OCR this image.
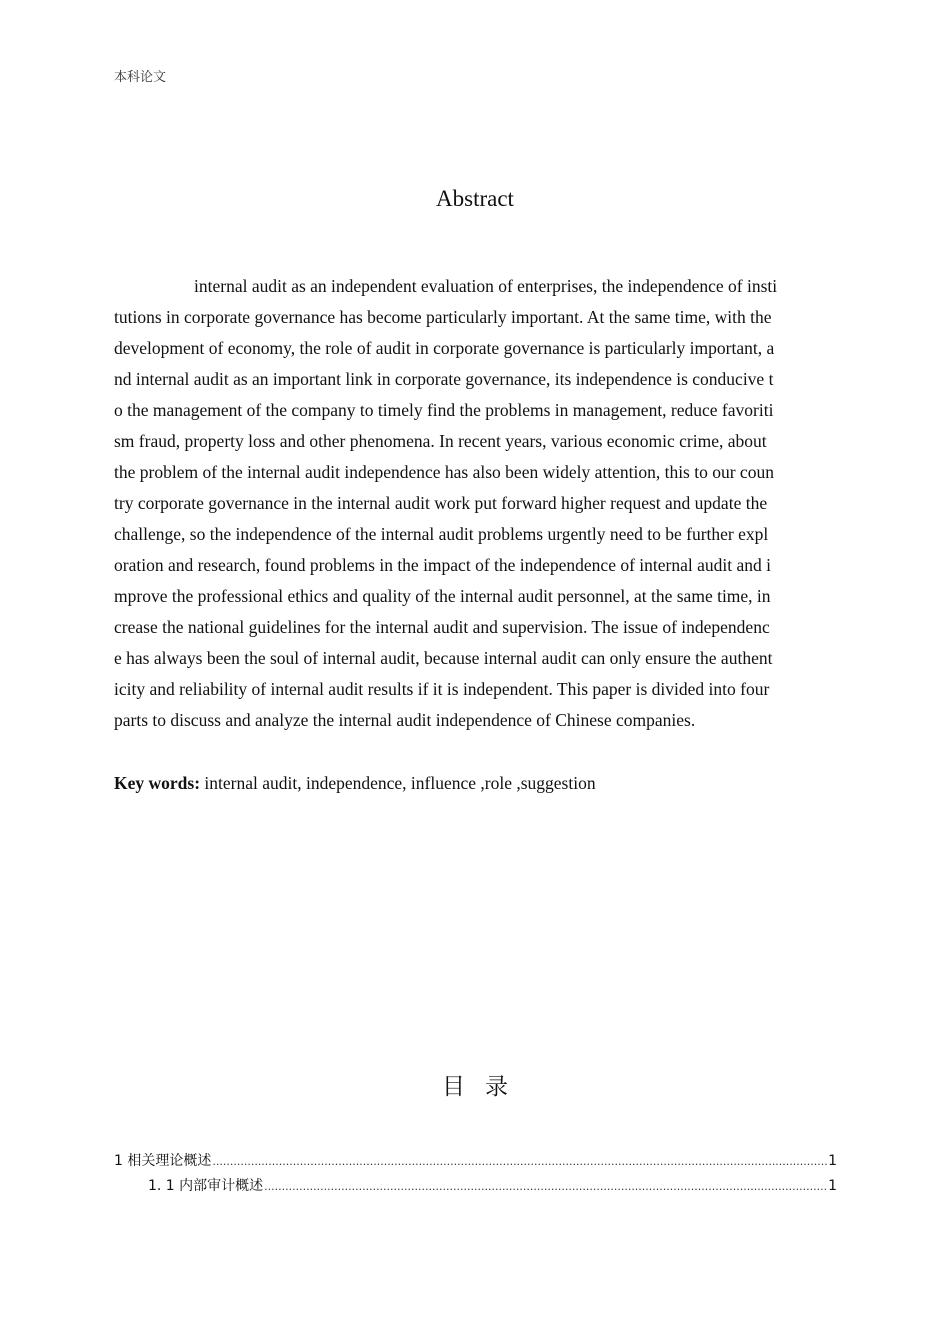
本科论文
Abstract
internal audit as an independent evaluation of enterprises, the independence of insti
tutions in corporate governance has become particularly important. At the same time, with the
development of economy, the role of audit in corporate governance is particularly important, a
nd internal audit as an important link in corporate governance, its independence is conducive t
o the management of the company to timely find the problems in management, reduce favoriti
sm fraud, property loss and other phenomena. In recent years, various economic crime, about
the problem of the internal audit independence has also been widely attention, this to our coun
try corporate governance in the internal audit work put forward higher request and update the
challenge, so the independence of the internal audit problems urgently need to be further expl
oration and research, found problems in the impact of the independence of internal audit and i
mprove the professional ethics and quality of the internal audit personnel, at the same time, in
crease the national guidelines for the internal audit and supervision. The issue of independenc
e has always been the soul of internal audit, because internal audit can only ensure the authent
icity and reliability of internal audit results if it is independent. This paper is divided into four
parts to discuss and analyze the internal audit independence of Chinese companies.
Key words: internal audit, independence, influence ,role ,suggestion
目录
1 相关理论概述 .....	1
1. 1 内部审计概述 .....	1
